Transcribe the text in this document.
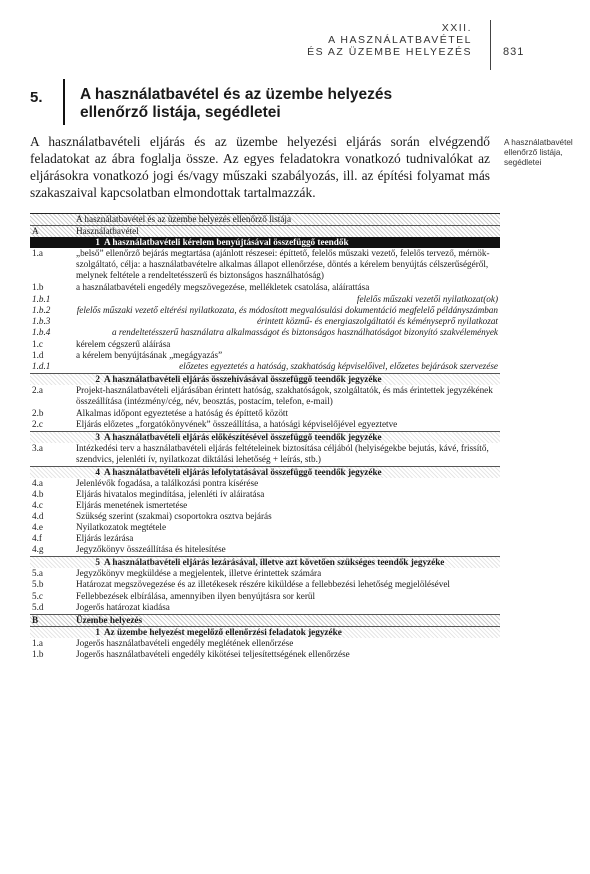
XXII.
A HASZNÁLATBAVÉTEL
ÉS AZ ÜZEMBE HELYEZÉS	831
5. A használatbavétel és az üzembe helyezés ellenőrző listája, segédletei
A használatbavételi eljárás és az üzembe helyezési eljárás során elvégzendő feladatokat az ábra foglalja össze. Az egyes feladatokra vonatkozó tudnivalókat az eljárásokra vonatkozó jogi és/vagy műszaki szabályozás, ill. az építési folyamat más szakaszaival kapcsolatban elmondottak tartalmazzák.
A használatbavétel ellenőrző listája, segédletei
A használatbavétel és az üzembe helyezés ellenőrző listája
A	Használatbavétel
1 A használatbavételi kérelem benyújtásával összefüggő teendők
1.a	„belső” ellenőrző bejárás megtartása (ajánlott részesei: építtető, felelős műszaki vezető, felelős tervező, mérnök-szolgáltató, célja: a használatbavételre alkalmas állapot ellenőrzése, döntés a kérelem benyújtás célszerűségéről, melynek feltétele a rendeltetésszerű és biztonságos használhatóság)
1.b	a használatbavételi engedély megszövegezése, mellékletek csatolása, aláírattása
1.b.1	felelős műszaki vezetői nyilatkozat(ok)
1.b.2	felelős műszaki vezető eltérési nyilatkozata, és módosított megvalósulási dokumentáció megfelelő példányszámban
1.b.3	érintett közmű- és energiaszolgáltatói és kéményseprő nyilatkozat
1.b.4	a rendeltetésszerű használatra alkalmasságot és biztonságos használhatóságot bizonyító szakvélemények
1.c	kérelem cégszerű aláírása
1.d	a kérelem benyújtásának „megágyazás”
1.d.1	előzetes egyeztetés a hatóság, szakhatóság képviselőivel, előzetes bejárások szervezése
2 A használatbavételi eljárás összehívásával összefüggő teendők jegyzéke
2.a	Projekt-használatbavételi eljárásában érintett hatóság, szakhatóságok, szolgáltatók, és más érintettek jegyzékének összeállítása (intézmény/cég, név, beosztás, postacím, telefon, e-mail)
2.b	Alkalmas időpont egyeztetése a hatóság és építtető között
2.c	Eljárás előzetes „forgatókönyvének” összeállítása, a hatósági képviselőjével egyeztetve
3 A használatbavételi eljárás előkészítésével összefüggő teendők jegyzéke
3.a	Intézkedési terv a használatbavételi eljárás feltételeinek biztosítása céljából (helyiségekbe bejutás, kávé, frissítő, szendvics, jelenléti ív, nyilatkozat diktálási lehetőség + leírás, stb.)
4 A használatbavételi eljárás lefolytatásával összefüggő teendők jegyzéke
4.a	Jelenlévők fogadása, a találkozási pontra kísérése
4.b	Eljárás hivatalos megindítása, jelenléti ív aláiratása
4.c	Eljárás menetének ismertetése
4.d	Szükség szerint (szakmai) csoportokra osztva bejárás
4.e	Nyilatkozatok megtétele
4.f	Eljárás lezárása
4.g	Jegyzőkönyv összeállítása és hitelesítése
5 A használatbavételi eljárás lezárásával, illetve azt követően szükséges teendők jegyzéke
5.a	Jegyzőkönyv megküldése a megjelentek, illetve érintettek számára
5.b	Határozat megszövegezése és az illetékesek részére kiküldése a fellebbezési lehetőség megjelölésével
5.c	Fellebbezések elbírálása, amennyiben ilyen benyújtásra sor kerül
5.d	Jogerős határozat kiadása
B	Üzembe helyezés
1 Az üzembe helyezést megelőző ellenőrzési feladatok jegyzéke
1.a	Jogerős használatbavételi engedély meglétének ellenőrzése
1.b	Jogerős használatbavételi engedély kikötései teljesítettségének ellenőrzése
